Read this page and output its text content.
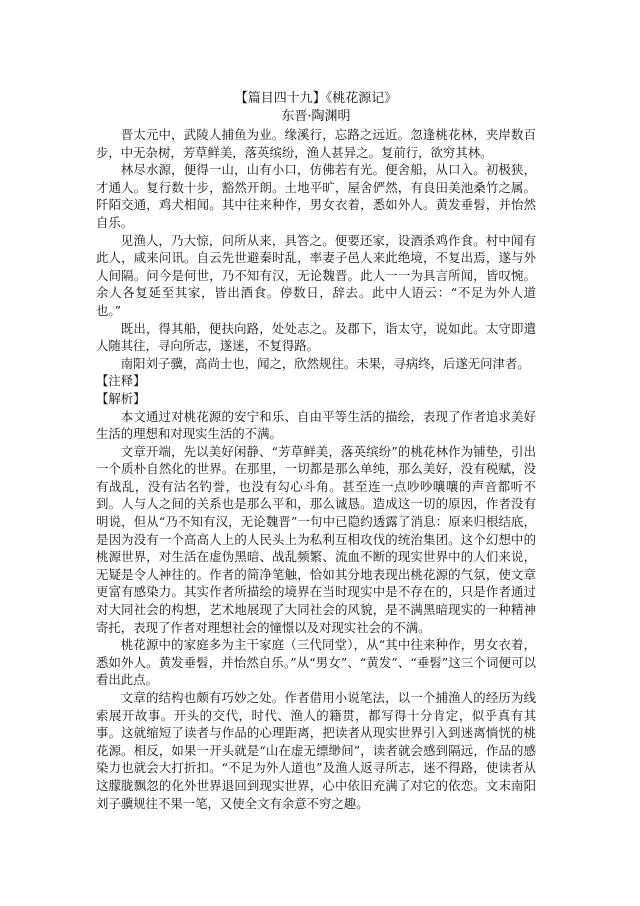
【篇目四十九】《桃花源记》

东晋·陶渊明

晋太元中，武陵人捕鱼为业。缘溪行，忘路之远近。忽逢桃花林，夹岸数百步，中无杂树，芳草鲜美，落英缤纷，渔人甚异之。复前行，欲穷其林。

林尽水源，便得一山，山有小口，仿佛若有光。便舍船，从口入。初极狭，才通人。复行数十步，豁然开朗。土地平旷，屋舍俨然，有良田美池桑竹之属。阡陌交通，鸡犬相闻。其中往来种作，男女衣着，悉如外人。黄发垂髫，并怡然自乐。

见渔人，乃大惊，问所从来，具答之。便要还家，设酒杀鸡作食。村中闻有此人，咸来问讯。自云先世避秦时乱，率妻子邑人来此绝境，不复出焉，遂与外人间隔。问今是何世，乃不知有汉，无论魏晋。此人一一为具言所闻，皆叹惋。余人各复延至其家，皆出酒食。停数日，辞去。此中人语云：“不足为外人道也。”

既出，得其船，便扶向路，处处志之。及郡下，诣太守，说如此。太守即遣人随其往，寻向所志，遂迷，不复得路。

南阳刘子骥，高尚士也，闻之，欣然规往。未果，寻病终，后遂无问津者。

【注释】

【解析】

本文通过对桃花源的安宁和乐、自由平等生活的描绘，表现了作者追求美好生活的理想和对现实生活的不满。

文章开端，先以美好闲静、“芳草鲜美，落英缤纷”的桃花林作为铺垫，引出一个质朴自然化的世界。在那里，一切都是那么单纯，那么美好，没有税赋，没有战乱，没有沽名钓誉，也没有勾心斗角。甚至连一点吵吵嚷嚷的声音都听不到。人与人之间的关系也是那么平和，那么诚恳。造成这一切的原因，作者没有明说，但从“乃不知有汉，无论魏晋”一句中已隐约透露了消息：原来归根结底，是因为没有一个高高人上的人民头上为私利互相攻伐的统治集团。这个幻想中的桃源世界，对生活在虚伪黑暗、战乱频繁、流血不断的现实世界中的人们来说，无疑是令人神往的。作者的简净笔触，恰如其分地表现出桃花源的气氛，使文章更富有感染力。其实作者所描绘的境界在当时现实中是不存在的，只是作者通过对大同社会的构想，艺术地展现了大同社会的风貌，是不满黑暗现实的一种精神寄托，表现了作者对理想社会的憧憬以及对现实社会的不满。

桃花源中的家庭多为主干家庭（三代同堂），从“其中往来种作，男女衣着，悉如外人。黄发垂髫，并怡然自乐。”从“男女”、“黄发”、“垂髫”这三个词便可以看出此点。

文章的结构也颇有巧妙之处。作者借用小说笔法，以一个捕渔人的经历为线索展开故事。开头的交代，时代、渔人的籍贯，都写得十分肯定，似乎真有其事。这就缩短了读者与作品的心理距离，把读者从现实世界引入到迷离惝恍的桃花源。相反，如果一开头就是“山在虚无缥缈间”，读者就会感到隔远，作品的感染力也就会大打折扣。“不足为外人道也”及渔人返寻所志，迷不得路，使读者从这朦胧飘忽的化外世界退回到现实世界，心中依旧充满了对它的依恋。文末南阳刘子骥规往不果一笔，又使全文有余意不穷之趣。
